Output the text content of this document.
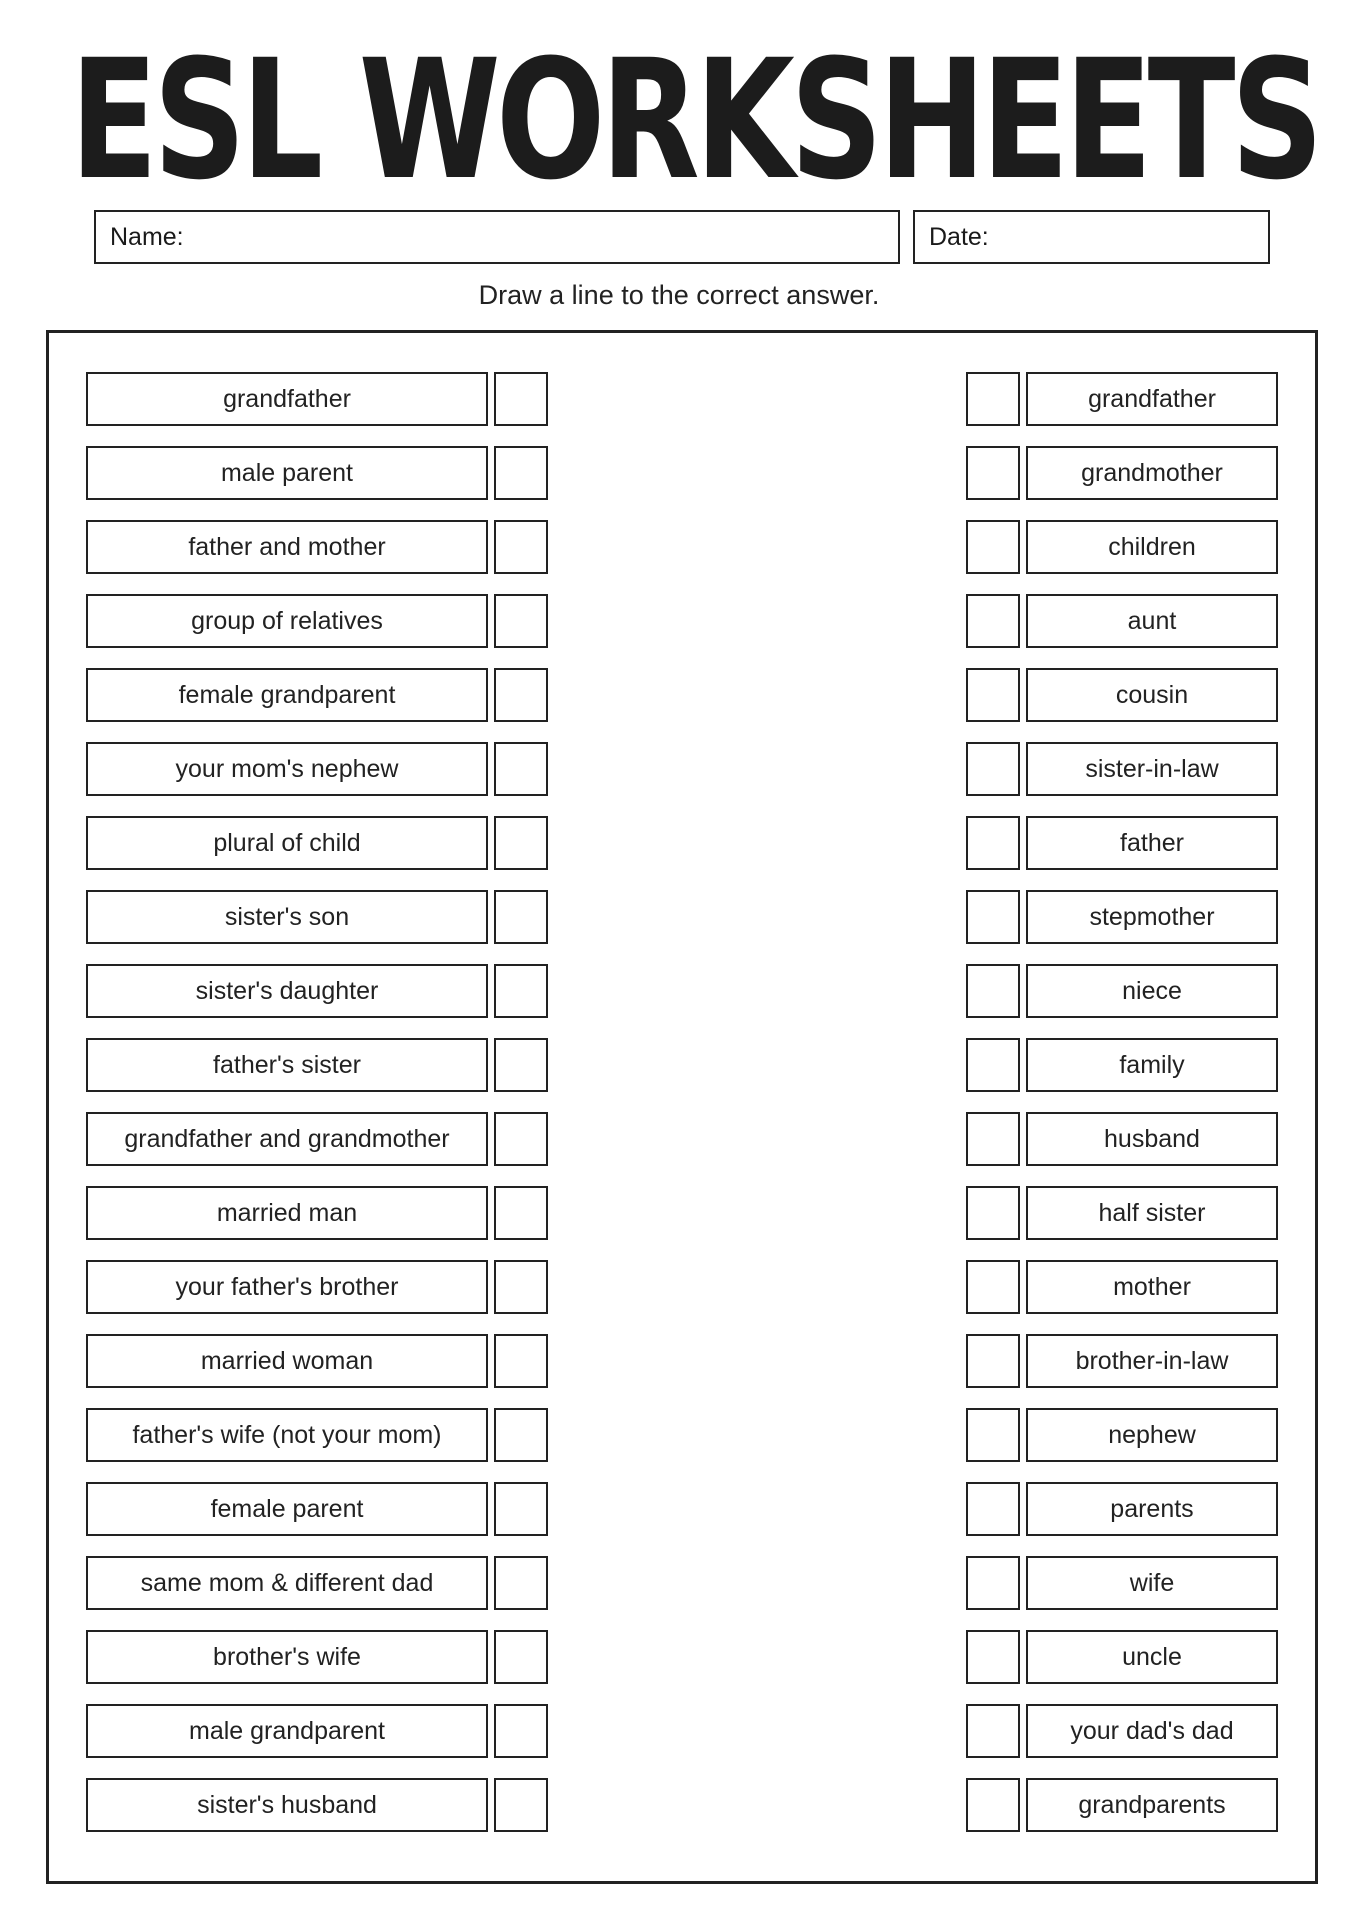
ESL WORKSHEETS
Name:	Date:
Draw a line to the correct answer.
grandfather
male parent
father and mother
group of relatives
female grandparent
your mom's nephew
plural of child
sister's son
sister's daughter
father's sister
grandfather and grandmother
married man
your father's brother
married woman
father's wife (not your mom)
female parent
same mom & different dad
brother's wife
male grandparent
sister's husband
grandfather
grandmother
children
aunt
cousin
sister-in-law
father
stepmother
niece
family
husband
half sister
mother
brother-in-law
nephew
parents
wife
uncle
your dad's dad
grandparents
